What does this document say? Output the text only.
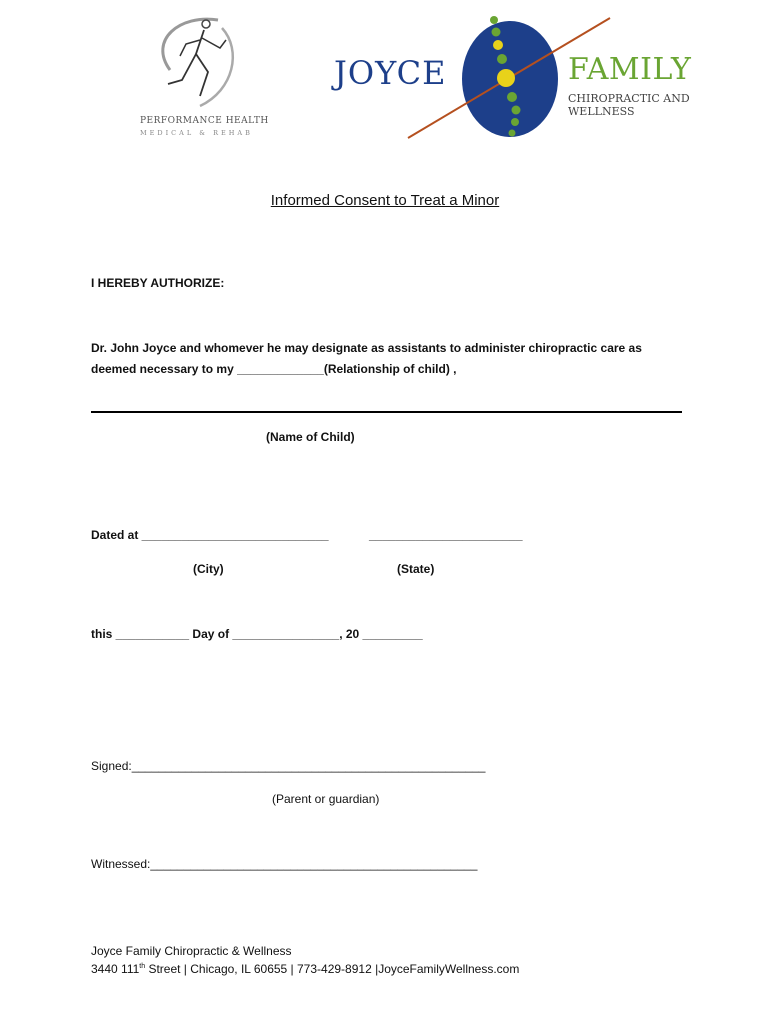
PERFORMANCE HEALTH
MEDICAL & REHAB
JOYCE	FAMILY
CHIROPRACTIC AND
WELLNESS
Informed Consent to Treat a Minor
I HEREBY AUTHORIZE:
Dr. John Joyce and whomever he may designate as assistants to administer chiropractic care as
deemed necessary to my _____________(Relationship of child) ,
(Name of Child)
Dated at ____________________________	_______________________
(City)	(State)
this ___________ Day of ________________, 20 _________
Signed:_____________________________________________________
(Parent or guardian)
Witnessed:_________________________________________________
Joyce Family Chiropractic & Wellness
3440 111th Street | Chicago, IL 60655 | 773-429-8912 |JoyceFamilyWellness.com
